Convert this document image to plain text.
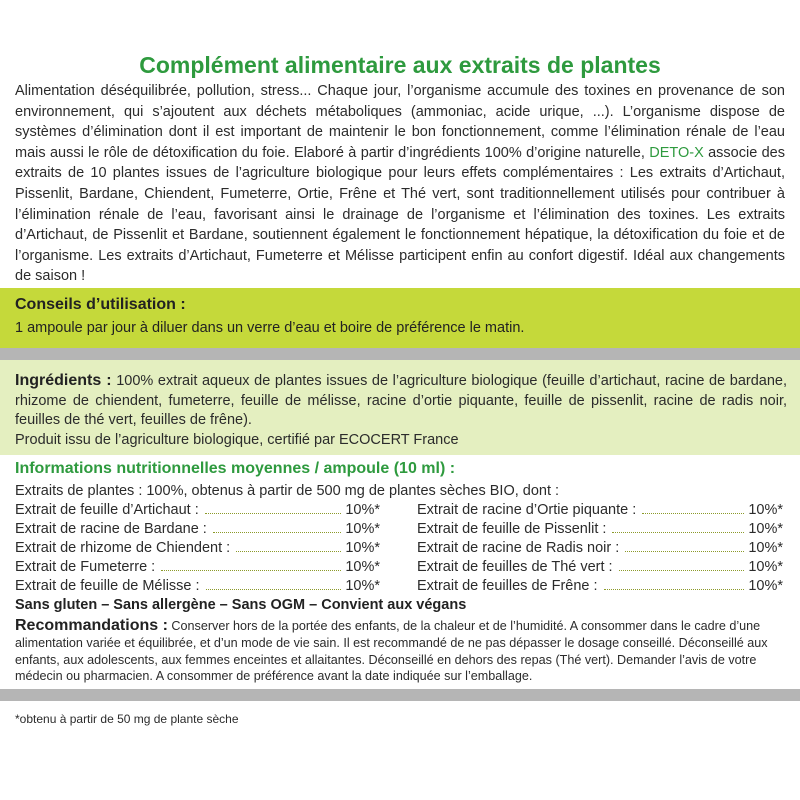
Complément alimentaire aux extraits de plantes

Alimentation déséquilibrée, pollution, stress... Chaque jour, l’organisme accumule des toxines en provenance de son environnement, qui s’ajoutent aux déchets métaboliques (ammoniac, acide urique, ...). L’organisme dispose de systèmes d’élimination dont il est important de maintenir le bon fonctionnement, comme l’élimination rénale de l’eau mais aussi le rôle de détoxification du foie. Elaboré à partir d’ingrédients 100% d’origine naturelle, DETO-X associe des extraits de 10 plantes issues de l’agriculture biologique pour leurs effets complémentaires : Les extraits d’Artichaut, Pissenlit, Bardane, Chiendent, Fumeterre, Ortie, Frêne et Thé vert, sont traditionnellement utilisés pour contribuer à l’élimination rénale de l’eau, favorisant ainsi le drainage de l’organisme et l’élimination des toxines. Les extraits d’Artichaut, de Pissenlit et Bardane, soutiennent également le fonctionnement hépatique, la détoxification du foie et de l’organisme. Les extraits d’Artichaut, Fumeterre et Mélisse participent enfin au confort digestif. Idéal aux changements de saison !

Conseils d’utilisation :
1 ampoule par jour à diluer dans un verre d’eau et boire de préférence le matin.
Ingrédients : 100% extrait aqueux de plantes issues de l’agriculture biologique (feuille d’artichaut, racine de bardane, rhizome de chiendent, fumeterre, feuille de mélisse, racine d’ortie piquante, feuille de pissenlit, racine de radis noir, feuilles de thé vert, feuilles de frêne).
Produit issu de l’agriculture biologique, certifié par ECOCERT France
Informations nutritionnelles moyennes / ampoule (10 ml) :
Extraits de plantes : 100%, obtenus à partir de 500 mg de plantes sèches BIO, dont :
Extrait de feuille d’Artichaut :	10%*
Extrait de racine de Bardane :	10%*
Extrait de rhizome de Chiendent :	10%*
Extrait de Fumeterre :	10%*
Extrait de feuille de Mélisse :	10%*
Extrait de racine d’Ortie piquante :	10%*
Extrait de feuille de Pissenlit :	10%*
Extrait de racine de Radis noir :	10%*
Extrait de feuilles de Thé vert :	10%*
Extrait de feuilles de Frêne :	10%*
Sans gluten – Sans allergène – Sans OGM – Convient aux végans
Recommandations : Conserver hors de la portée des enfants, de la chaleur et de l’humidité. A consommer dans le cadre d’une alimentation variée et équilibrée, et d’un mode de vie sain. Il est recommandé de ne pas dépasser le dosage conseillé. Déconseillé aux enfants, aux adolescents, aux femmes enceintes et allaitantes. Déconseillé en dehors des repas (Thé vert). Demander l’avis de votre médecin ou pharmacien. A consommer de préférence avant la date indiquée sur l’emballage.
*obtenu à partir de 50 mg de plante sèche
